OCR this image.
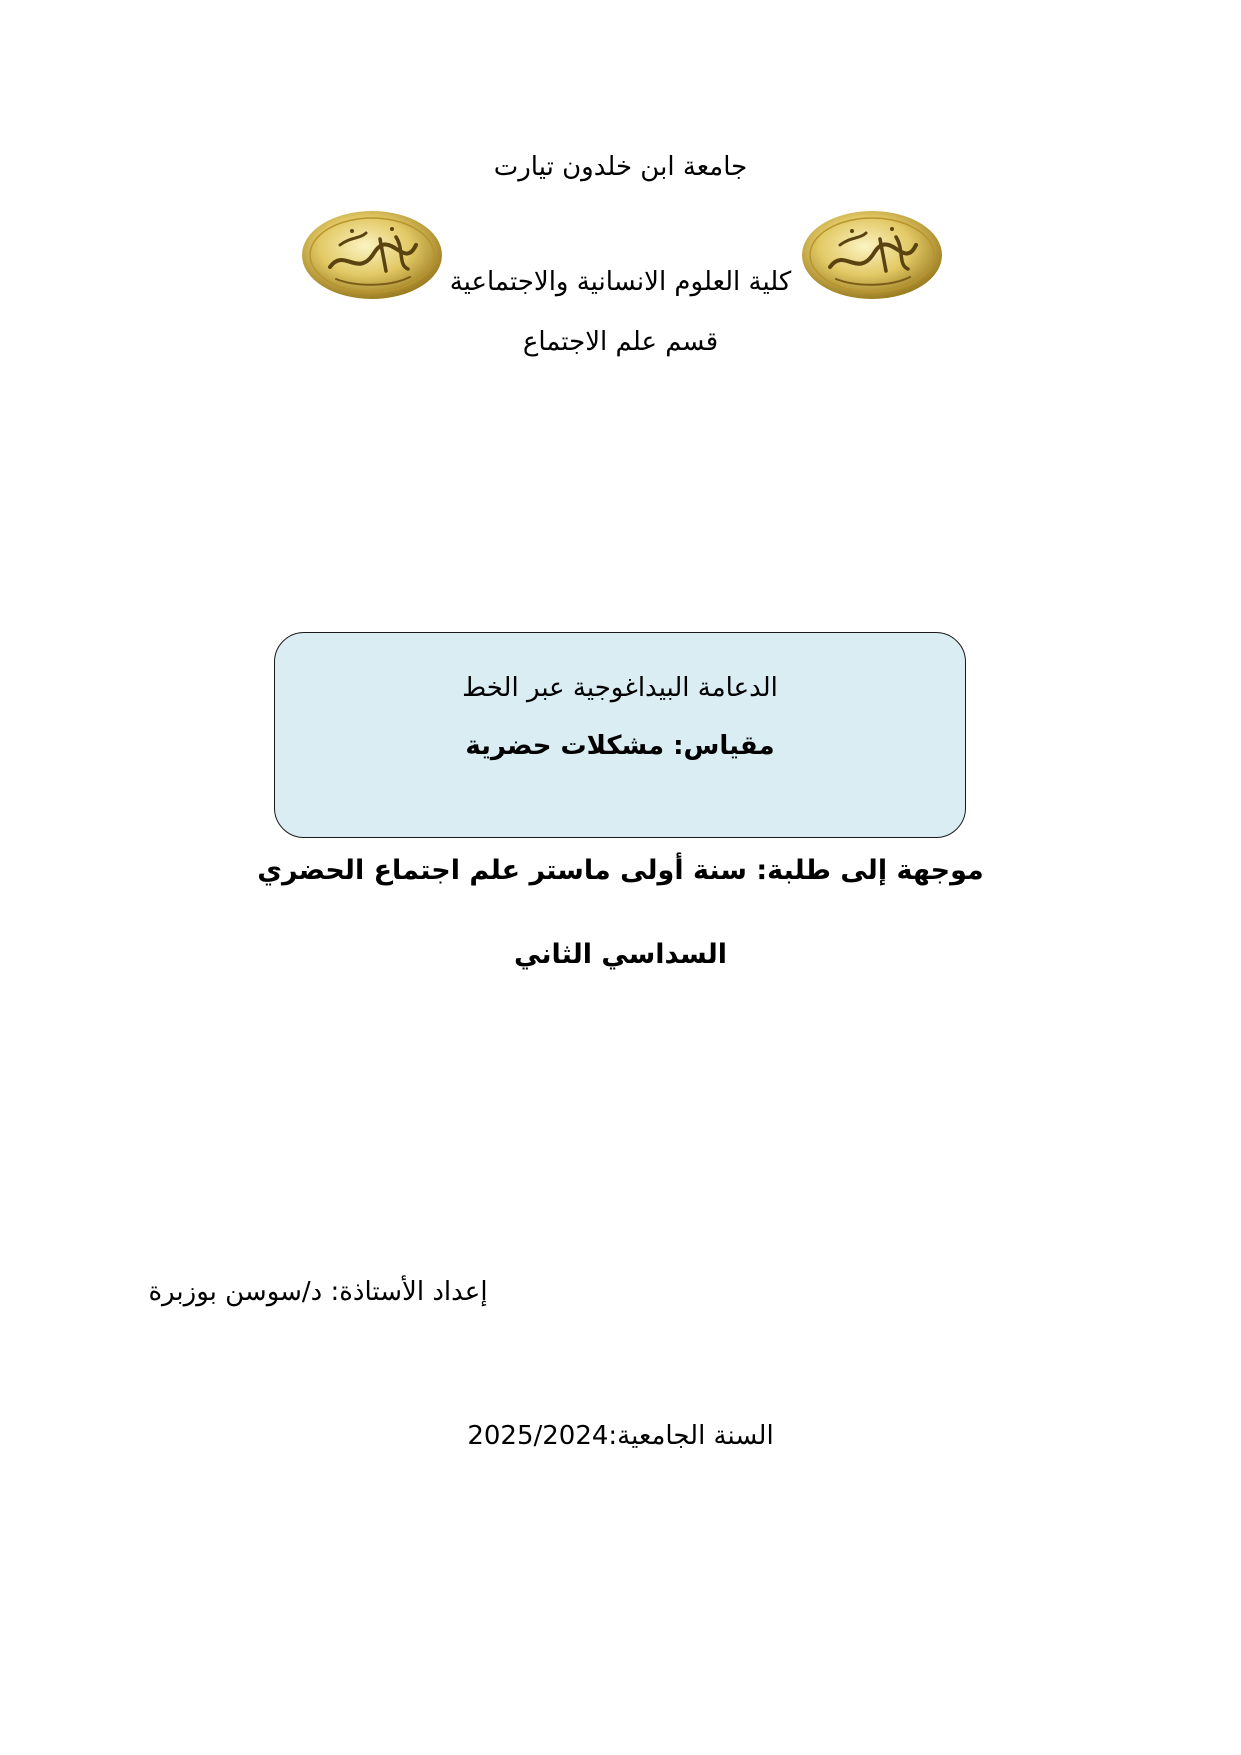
جامعة ابن خلدون تيارت
كلية العلوم الانسانية والاجتماعية
قسم علم الاجتماع
الدعامة البيداغوجية عبر الخط
مقياس: مشكلات حضرية
موجهة إلى طلبة: سنة أولى ماستر علم اجتماع الحضري
السداسي الثاني
إعداد الأستاذة: د/سوسن بوزبرة
السنة الجامعية:2025/2024
